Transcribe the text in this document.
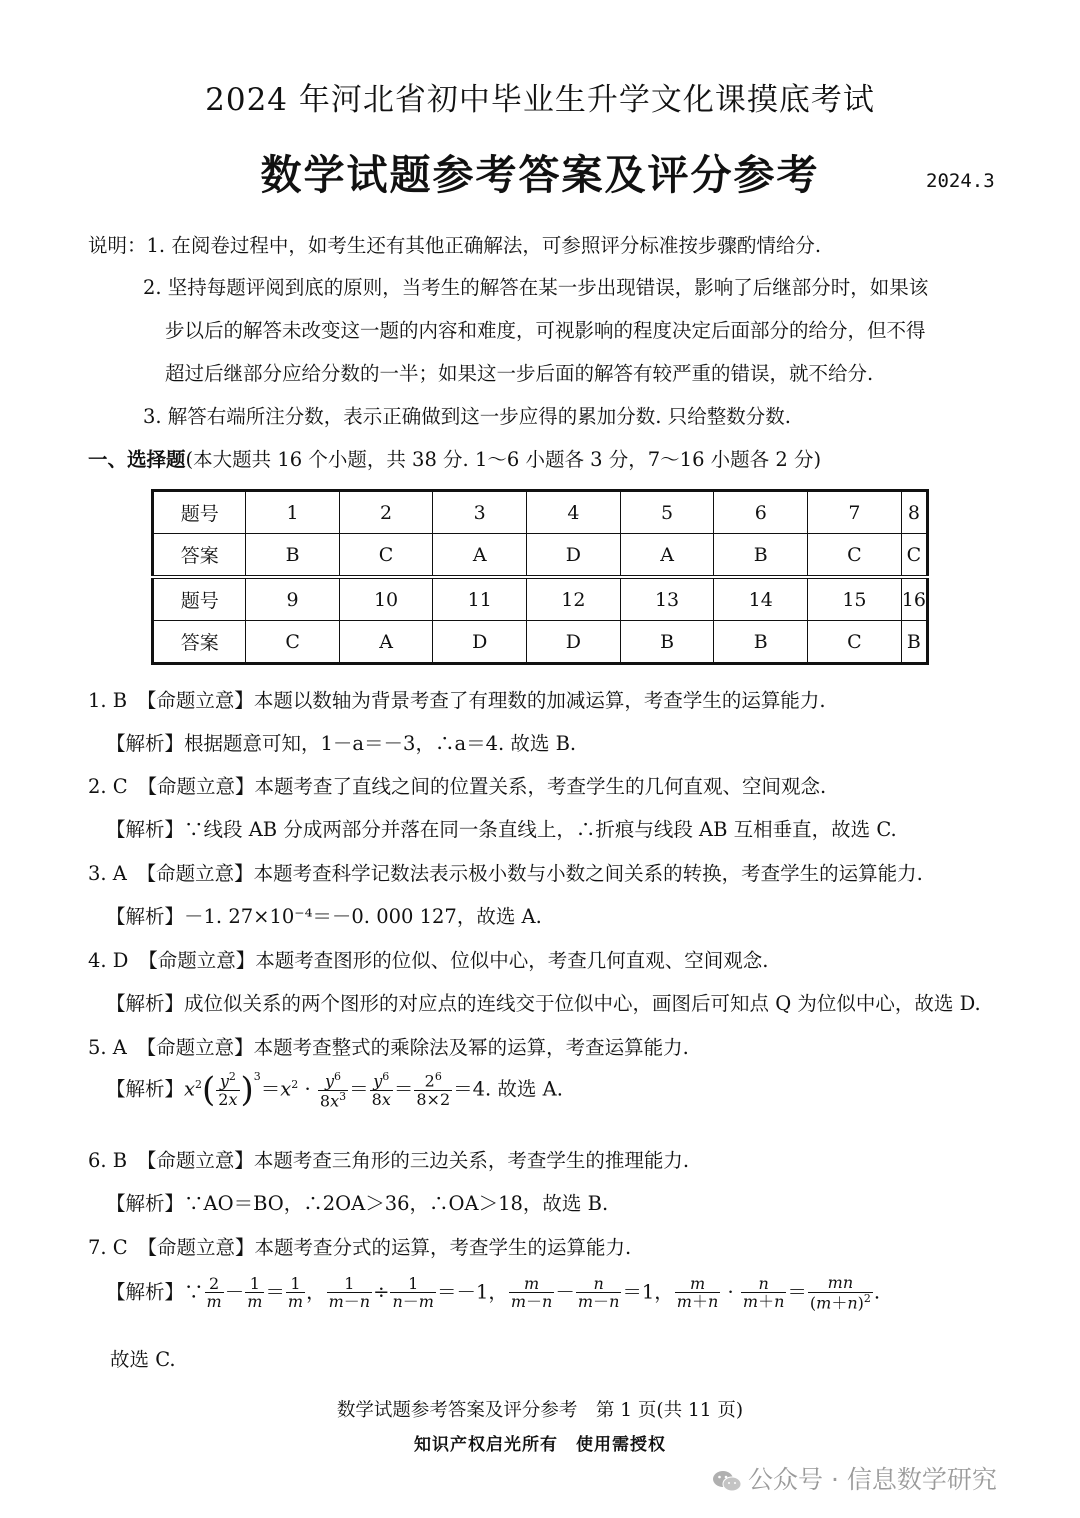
2024 年河北省初中毕业生升学文化课摸底考试
数学试题参考答案及评分参考	2024.3
说明：1. 在阅卷过程中，如考生还有其他正确解法，可参照评分标准按步骤酌情给分.
2. 坚持每题评阅到底的原则，当考生的解答在某一步出现错误，影响了后继部分时，如果该
步以后的解答未改变这一题的内容和难度，可视影响的程度决定后面部分的给分，但不得
超过后继部分应给分数的一半；如果这一步后面的解答有较严重的错误，就不给分.
3. 解答右端所注分数，表示正确做到这一步应得的累加分数. 只给整数分数.
一、选择题(本大题共 16 个小题，共 38 分. 1～6 小题各 3 分，7～16 小题各 2 分)
题号	1	2	3	4	5	6	7	8
答案	B	C	A	D	A	B	C	C
题号	9	10	11	12	13	14	15	16
答案	C	A	D	D	B	B	C	B
1. B　 【命题立意】本题以数轴为背景考查了有理数的加减运算，考查学生的运算能力.
【解析】根据题意可知，1－a＝－3，∴a＝4. 故选 B.
2. C　 【命题立意】本题考查了直线之间的位置关系，考查学生的几何直观、空间观念.
【解析】∵线段 AB 分成两部分并落在同一条直线上，∴折痕与线段 AB 互相垂直，故选 C.
3. A　 【命题立意】本题考查科学记数法表示极小数与小数之间关系的转换，考查学生的运算能力.
【解析】－1. 27×10⁻⁴＝－0. 000 127，故选 A.
4. D　 【命题立意】本题考查图形的位似、位似中心，考查几何直观、空间观念.
【解析】成位似关系的两个图形的对应点的连线交于位似中心，画图后可知点 Q 为位似中心，故选 D.
5. A　 【命题立意】本题考查整式的乘除法及幂的运算，考查运算能力.
【解析】$x^2( \frac{y^2}{2x} )^3=x^2 \cdot \frac{y^6}{8x^3} = \frac{y^6}{8x} = \frac{2^6}{8\times 2} =4$. 故选 A.
6. B　 【命题立意】本题考查三角形的三边关系，考查学生的推理能力.
【解析】∵AO＝BO，∴2OA＞36，∴OA＞18，故选 B.
7. C　 【命题立意】本题考查分式的运算，考查学生的运算能力.
【解析】∵ $\frac{2}{m} - \frac{1}{m} = \frac{1}{m}$ ， $\frac{1}{m-n} \div \frac{1}{n-m} =-1$， $\frac{m}{m-n} - \frac{n}{m-n} =1$， $\frac{m}{m+n} \cdot \frac{n}{m+n} = \frac{mn}{(m+n)^2}$ .
故选 C.
数学试题参考答案及评分参考　第 1 页(共 11 页)
知识产权启光所有　使用需授权
公众号 · 信息数学研究
